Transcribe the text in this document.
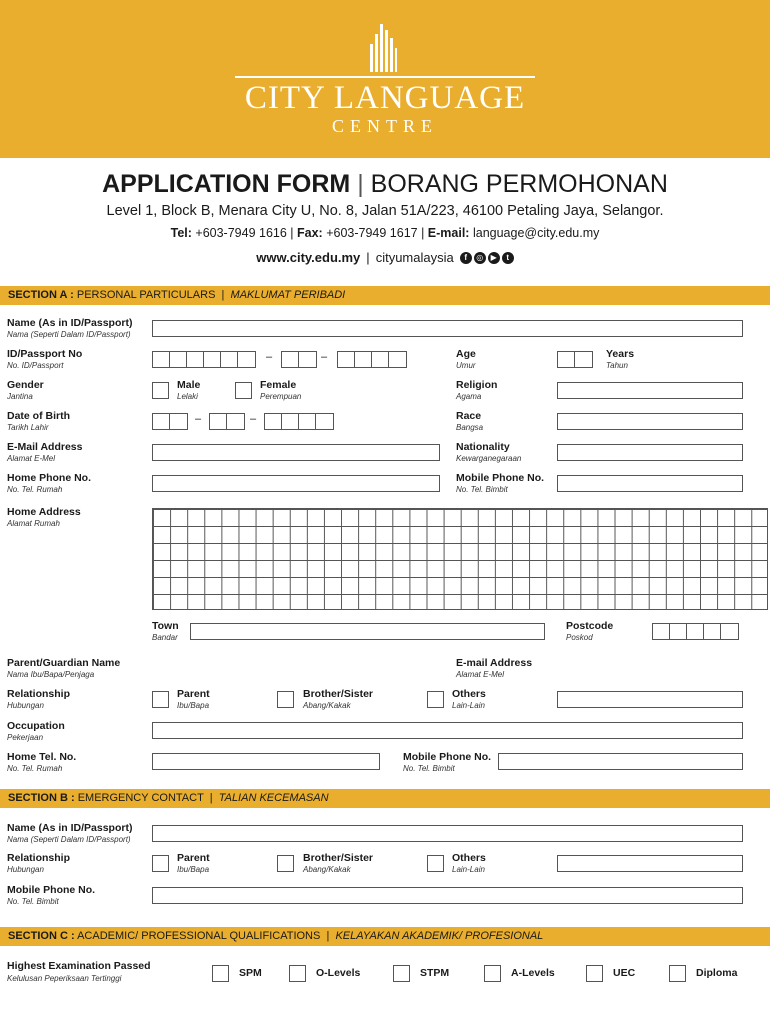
CITY LANGUAGE
CENTRE
APPLICATION FORM | BORANG PERMOHONAN
Level 1, Block B, Menara City U, No. 8, Jalan 51A/223, 46100 Petaling Jaya, Selangor.
Tel: +603-7949 1616 | Fax: +603-7949 1617 | E-mail: language@city.edu.my
www.city.edu.my | cityumalaysia	f	◎ ▶	t
SECTION A : PERSONAL PARTICULARS | MAKLUMAT PERIBADI
Name (As in ID/Passport)
Nama (Seperti Dalam ID/Passport)
ID/Passport No
No. ID/Passport
–	–	Age
Umur
Years
Tahun
Gender
Jantina
Male
Lelaki
Female
Perempuan
Religion
Agama
Date of Birth
Tarikh Lahir
–	–	Race
Bangsa
E-Mail Address
Alamat E-Mel
Nationality
Kewarganegaraan
Home Phone No.
No. Tel. Rumah
Mobile Phone No.
No. Tel. Bimbit
Home Address
Alamat Rumah
Town
Bandar
Postcode
Poskod
Parent/Guardian Name
Nama Ibu/Bapa/Penjaga
E-mail Address
Alamat E-Mel
Relationship
Hubungan
Parent
Ibu/Bapa
Brother/Sister
Abang/Kakak
Others
Lain-Lain
Occupation
Pekerjaan
Home Tel. No.
No. Tel. Rumah
Mobile Phone No.
No. Tel. Bimbit
SECTION B : EMERGENCY CONTACT | TALIAN KECEMASAN
Name (As in ID/Passport)
Nama (Seperti Dalam ID/Passport)
Relationship
Hubungan
Parent
Ibu/Bapa
Brother/Sister
Abang/Kakak
Others
Lain-Lain
Mobile Phone No.
No. Tel. Bimbit
SECTION C : ACADEMIC/ PROFESSIONAL QUALIFICATIONS | KELAYAKAN AKADEMIK/ PROFESIONAL
Highest Examination Passed
Kelulusan Peperiksaan Tertinggi	SPM	O-Levels	STPM	A-Levels	UEC	Diploma
